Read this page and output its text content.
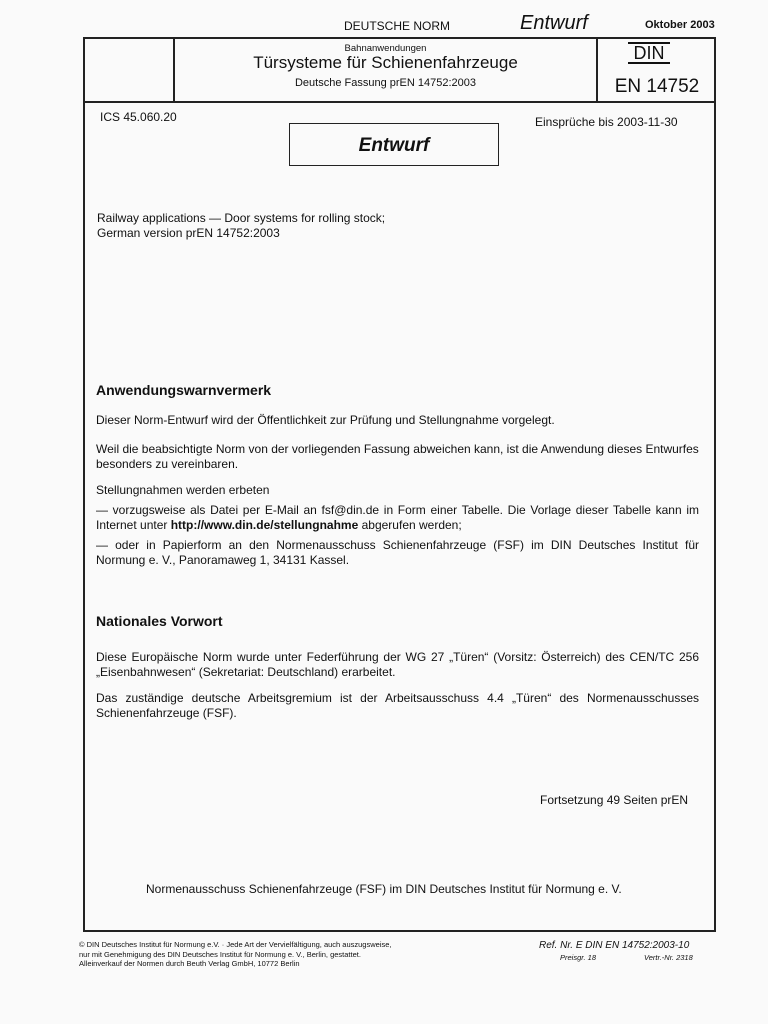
DEUTSCHE NORM	Entwurf	Oktober 2003
Bahnanwendungen
Türsysteme für Schienenfahrzeuge
Deutsche Fassung prEN 14752:2003
DIN
EN 14752
ICS 45.060.20	Einsprüche bis 2003-11-30
Entwurf
Railway applications — Door systems for rolling stock;
German version prEN 14752:2003
Anwendungswarnvermerk
Dieser Norm-Entwurf wird der Öffentlichkeit zur Prüfung und Stellungnahme vorgelegt.
Weil die beabsichtigte Norm von der vorliegenden Fassung abweichen kann, ist die Anwendung dieses Entwurfes besonders zu vereinbaren.
Stellungnahmen werden erbeten
— vorzugsweise als Datei per E-Mail an fsf@din.de in Form einer Tabelle. Die Vorlage dieser Tabelle kann im Internet unter http://www.din.de/stellungnahme abgerufen werden;
— oder in Papierform an den Normenausschuss Schienenfahrzeuge (FSF) im DIN Deutsches Institut für Normung e. V., Panoramaweg 1, 34131 Kassel.
Nationales Vorwort
Diese Europäische Norm wurde unter Federführung der WG 27 „Türen“ (Vorsitz: Österreich) des CEN/TC 256 „Eisenbahnwesen“ (Sekretariat: Deutschland) erarbeitet.
Das zuständige deutsche Arbeitsgremium ist der Arbeitsausschuss 4.4 „Türen“ des Normenausschusses Schienenfahrzeuge (FSF).
Fortsetzung 49 Seiten prEN
Normenausschuss Schienenfahrzeuge (FSF) im DIN Deutsches Institut für Normung e. V.
© DIN Deutsches Institut für Normung e.V. · Jede Art der Vervielfältigung, auch auszugsweise,
nur mit Genehmigung des DIN Deutsches Institut für Normung e. V., Berlin, gestattet.
Alleinverkauf der Normen durch Beuth Verlag GmbH, 10772 Berlin
Ref. Nr. E DIN EN 14752:2003-10
Preisgr. 18	Vertr.-Nr. 2318
